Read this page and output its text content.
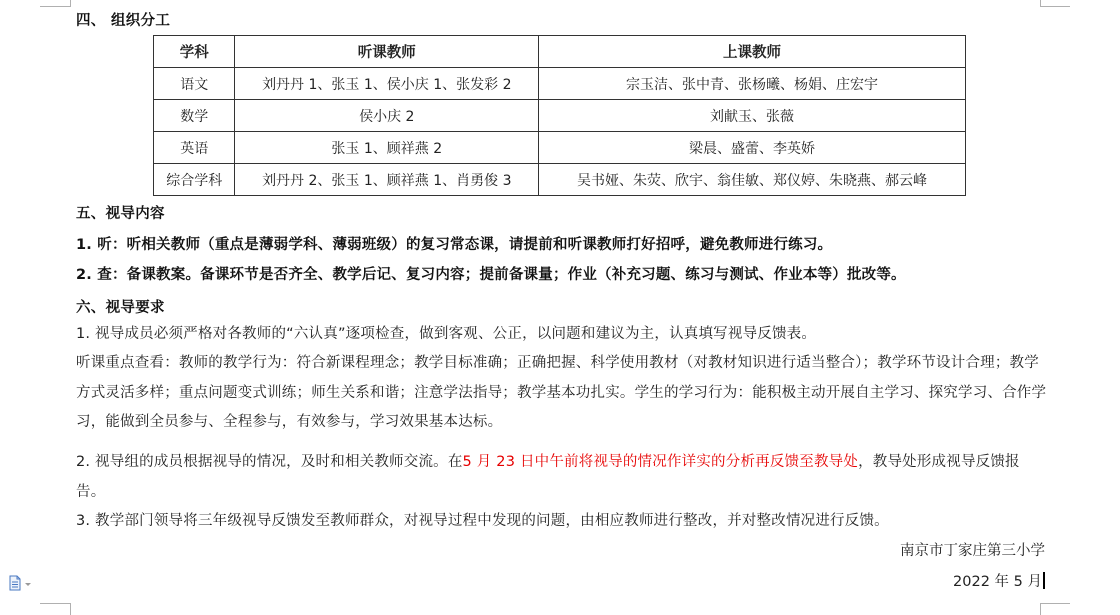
四、 组织分工
学科	听课教师	上课教师
语文	刘丹丹 1、张玉 1、侯小庆 1、张发彩 2	宗玉洁、张中青、张杨曦、杨娟、庄宏宇
数学	侯小庆 2	刘献玉、张薇
英语	张玉 1、顾祥燕 2	梁晨、盛蕾、李英娇
综合学科	刘丹丹 2、张玉 1、顾祥燕 1、肖勇俊 3	吴书娅、朱荧、欣宇、翁佳敏、郑仪婷、朱晓燕、郝云峰
五、视导内容
1. 听：听相关教师（重点是薄弱学科、薄弱班级）的复习常态课，请提前和听课教师打好招呼，避免教师进行练习。
2. 查：备课教案。备课环节是否齐全、教学后记、复习内容；提前备课量；作业（补充习题、练习与测试、作业本等）批改等。
六、视导要求
1. 视导成员必须严格对各教师的“六认真”逐项检查，做到客观、公正，以问题和建议为主，认真填写视导反馈表。
听课重点查看：教师的教学行为：符合新课程理念；教学目标准确；正确把握、科学使用教材（对教材知识进行适当整合）；教学环节设计合理；教学方式灵活多样；重点问题变式训练；师生关系和谐；注意学法指导；教学基本功扎实。学生的学习行为：能积极主动开展自主学习、探究学习、合作学习，能做到全员参与、全程参与，有效参与，学习效果基本达标。
2. 视导组的成员根据视导的情况，及时和相关教师交流。在5 月 23 日中午前将视导的情况作详实的分析再反馈至教导处，教导处形成视导反馈报告。
3. 教学部门领导将三年级视导反馈发至教师群众，对视导过程中发现的问题，由相应教师进行整改，并对整改情况进行反馈。
南京市丁家庄第三小学
2022 年 5 月
